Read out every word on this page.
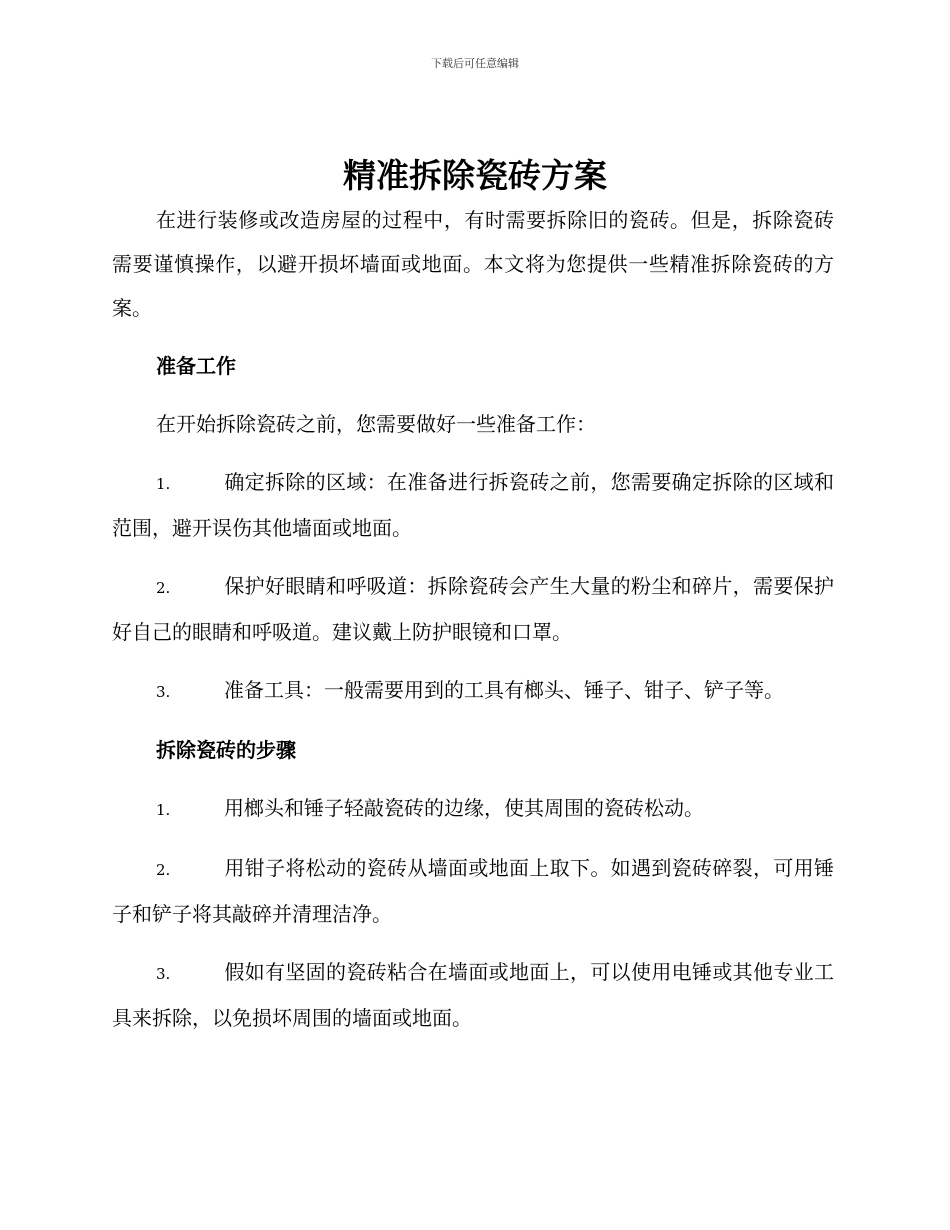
下载后可任意编辑
精准拆除瓷砖方案

在进行装修或改造房屋的过程中，有时需要拆除旧的瓷砖。但是，拆除瓷砖需要谨慎操作，以避开损坏墙面或地面。本文将为您提供一些精准拆除瓷砖的方案。

准备工作

在开始拆除瓷砖之前，您需要做好一些准备工作：

1.	确定拆除的区域：在准备进行拆瓷砖之前，您需要确定拆除的区域和范围，避开误伤其他墙面或地面。

2.	保护好眼睛和呼吸道：拆除瓷砖会产生大量的粉尘和碎片，需要保护好自己的眼睛和呼吸道。建议戴上防护眼镜和口罩。

3.	准备工具：一般需要用到的工具有榔头、锤子、钳子、铲子等。

拆除瓷砖的步骤

1.	用榔头和锤子轻敲瓷砖的边缘，使其周围的瓷砖松动。

2.	用钳子将松动的瓷砖从墙面或地面上取下。如遇到瓷砖碎裂，可用锤子和铲子将其敲碎并清理洁净。

3.	假如有坚固的瓷砖粘合在墙面或地面上，可以使用电锤或其他专业工具来拆除，以免损坏周围的墙面或地面。
